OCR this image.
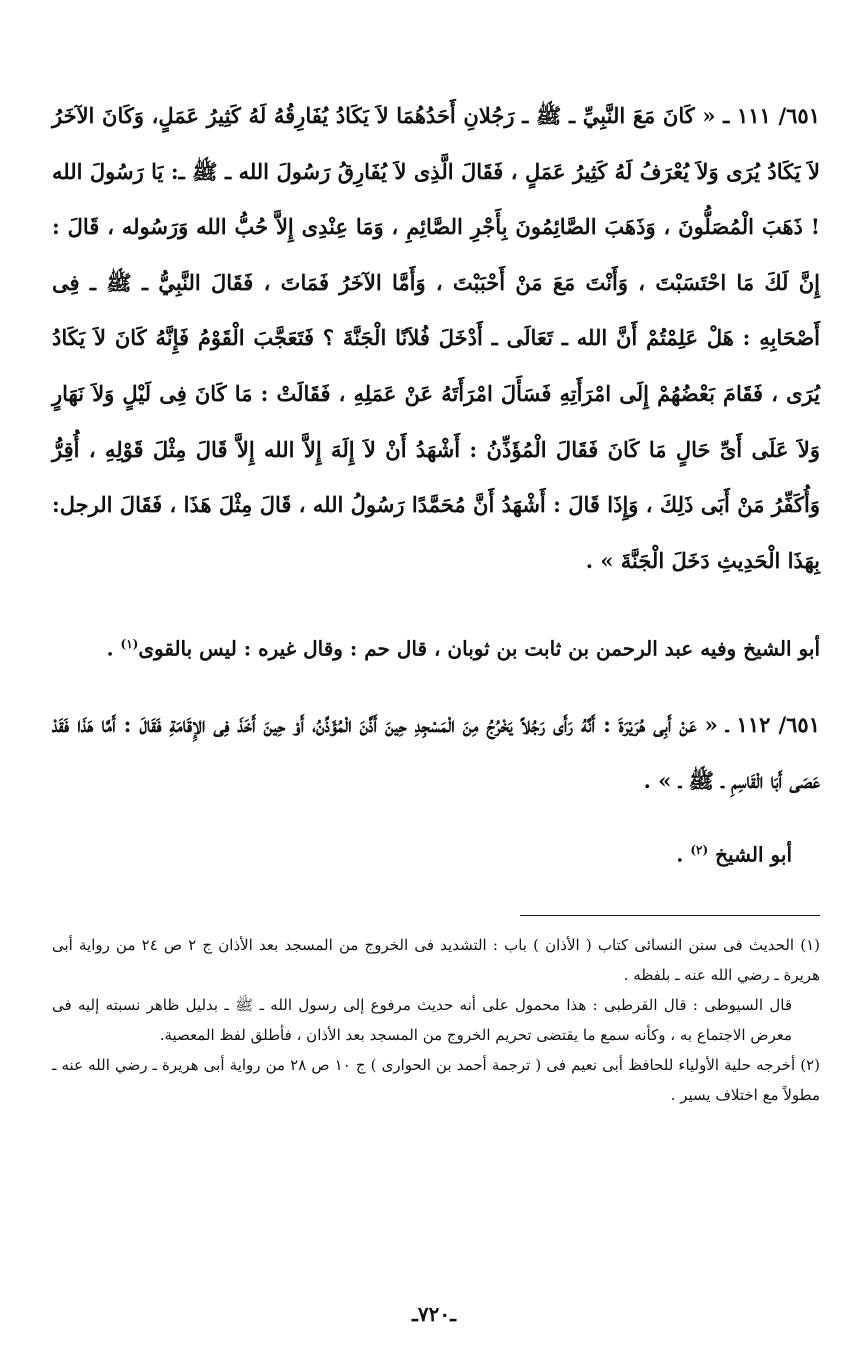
٦٥١/ ١١١ ـ « كَانَ مَعَ النَّبِيِّ ـ ﷺ ـ رَجُلانِ أَحَدُهُمَا لاَ يَكَادُ يُفَارِقُهُ لَهُ كَثِيرُ عَمَلٍ، وَكَانَ الآخَرُ لاَ يَكَادُ يُرَى وَلاَ يُعْرَفُ لَهُ كَثِيرُ عَمَلٍ ، فَقَالَ الَّذِى لاَ يُفَارِقُ رَسُولَ الله ـ ﷺ ـ: يَا رَسُولَ الله ! ذَهَبَ الْمُصَلُّونَ ، وَذَهَبَ الصَّائِمُونَ بِأَجْرِ الصَّائِمِ ، وَمَا عِنْدِى إِلاَّ حُبُّ الله وَرَسُوله ، قَالَ : إِنَّ لَكَ مَا احْتَسَبْتَ ، وَأَنْتَ مَعَ مَنْ أَحْبَبْتَ ، وَأَمَّا الآخَرُ فَمَاتَ ، فَقَالَ النَّبِيُّ ـ ﷺ ـ فِى أَصْحَابِهِ : هَلْ عَلِمْتُمْ أَنَّ الله ـ تَعَالَى ـ أَدْخَلَ فُلاَنًا الْجَنَّةَ ؟ فَتَعَجَّبَ الْقَوْمُ فَإِنَّهُ كَانَ لاَ يَكَادُ يُرَى ، فَقَامَ بَعْضُهُمْ إِلَى امْرَأَتِهِ فَسَأَلَ امْرَأَتَهُ عَنْ عَمَلِهِ ، فَقَالَتْ : مَا كَانَ فِى لَيْلٍ وَلاَ نَهَارٍ وَلاَ عَلَى أَىِّ حَالٍ مَا كَانَ فَقَالَ الْمُؤَذِّنُ : أَشْهَدُ أَنْ لاَ إِلَهَ إِلاَّ الله إِلاَّ قَالَ مِثْلَ قَوْلِهِ ، أُقِرُّ وَأُكَفِّرُ مَنْ أَبَى ذَلِكَ ، وَإِذَا قَالَ : أَشْهَدُ أَنَّ مُحَمَّدًا رَسُولُ الله ، قَالَ مِثْلَ هَذَا ، فَقَالَ الرجل: بِهَذَا الْحَدِيثِ دَخَلَ الْجَنَّةَ » .

أبو الشيخ وفيه عبد الرحمن بن ثابت بن ثوبان ، قال حم : وقال غيره : ليس بالقوى$^{(١)}$ .

٦٥١/ ١١٢ ـ « عَنْ أَبِى هُرَيْرَةَ : أَنَّهُ رَأَى رَجُلاً يَخْرُجُ مِنَ الْمَسْجِدِ حِينَ أَذَّنَ الْمُؤَذِّنُ، أَوْ حِينَ أَخَذَ فِى الإِقَامَةِ فَقَالَ : أَمَّا هَذَا فَقَدْ عَصَى أَبَا الْقَاسِمِ ـ ﷺ ـ » .

أبو الشيخ $^{(٢)}$ .

(١) الحديث فى سنن النسائى كتاب ( الأذان ) باب : التشديد فى الخروج من المسجد بعد الأذان ج ٢ ص ٢٤ من رواية أبى هريرة ـ رضي الله عنه ـ بلفظه .

قال السيوطى : قال القرطبى : هذا محمول على أنه حديث مرفوع إلى رسول الله ـ ﷺ ـ بدليل ظاهر نسبته إليه فى معرض الاجتماع به ، وكأنه سمع ما يقتضى تحريم الخروج من المسجد بعد الأذان ، فأطلق لفظ المعصية.

(٢) أخرجه حلية الأولياء للحافظ أبى نعيم فى ( ترجمة أحمد بن الحوارى ) ج ١٠ ص ٢٨ من رواية أبى هريرة ـ رضي الله عنه ـ مطولاً مع اختلاف يسير .

ـ٧٢٠ـ
